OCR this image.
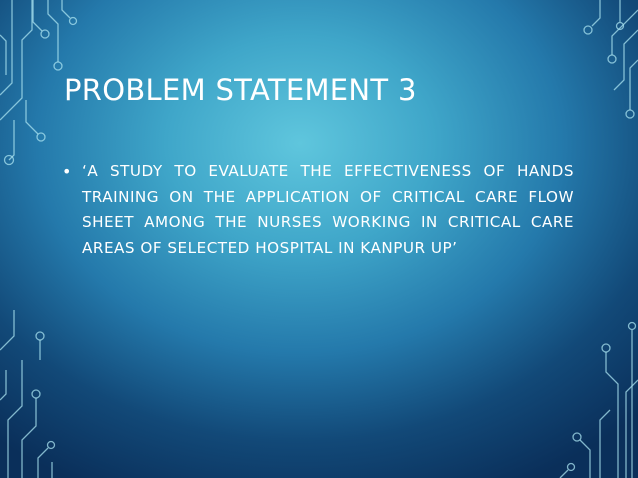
PROBLEM STATEMENT 3
• ‘A STUDY TO EVALUATE THE EFFECTIVENESS OF HANDS TRAINING ON THE APPLICATION OF CRITICAL CARE FLOW SHEET AMONG THE NURSES WORKING IN CRITICAL CARE AREAS OF SELECTED HOSPITAL IN KANPUR UP’
